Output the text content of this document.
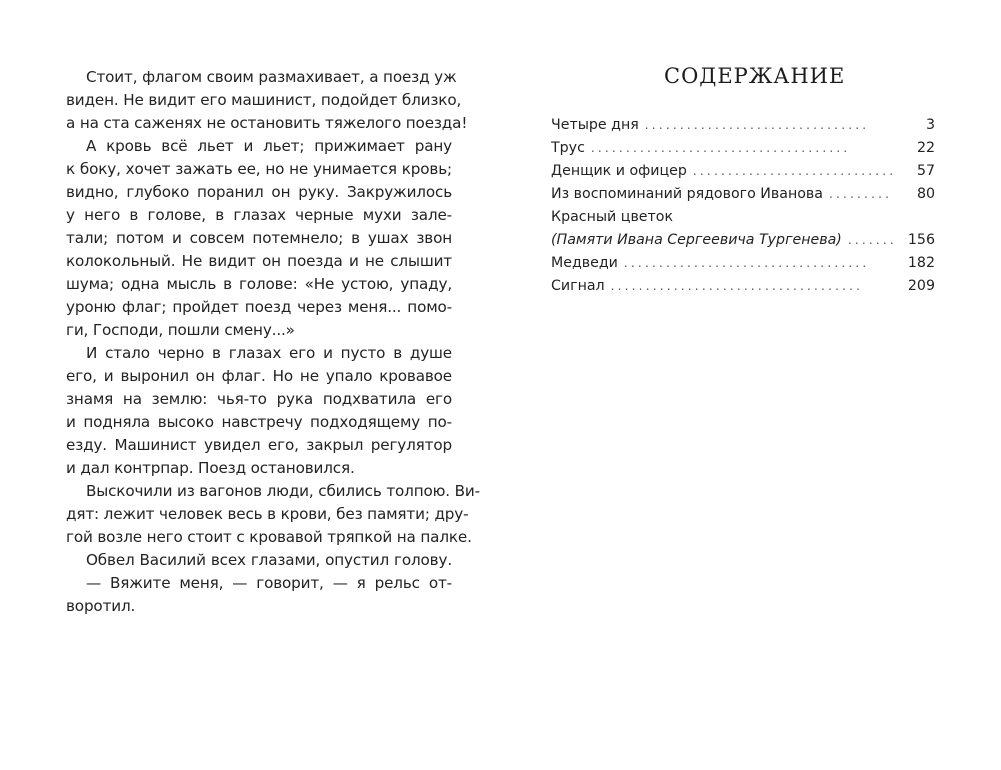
Стоит, флагом своим размахивает, а поезд уж
виден. Не видит его машинист, подойдет близко,
а на ста саженях не остановить тяжелого поезда!
А кровь всё льет и льет; прижимает рану
к боку, хочет зажать ее, но не унимается кровь;
видно, глубоко поранил он руку. Закружилось
у него в голове, в глазах черные мухи зале-
тали; потом и совсем потемнело; в ушах звон
колокольный. Не видит он поезда и не слышит
шума; одна мысль в голове: «Не устою, упаду,
уроню флаг; пройдет поезд через меня... помо-
ги, Господи, пошли смену...»
И стало черно в глазах его и пусто в душе
его, и выронил он флаг. Но не упало кровавое
знамя на землю: чья-то рука подхватила его
и подняла высоко навстречу подходящему по-
езду. Машинист увидел его, закрыл регулятор
и дал контрпар. Поезд остановился.
Выскочили из вагонов люди, сбились толпою. Ви-
дят: лежит человек весь в крови, без памяти; дру-
гой возле него стоит с кровавой тряпкой на палке.
Обвел Василий всех глазами, опустил голову.
— Вяжите меня, — говорит, — я рельс от-
воротил.
СОДЕРЖАНИЕ
Четыре дня ................................	3
Трус .....................................	22
Денщик и офицер .............................	57
Из воспоминаний рядового Иванова .........	80
Красный цветок
(Памяти Ивана Сергеевича Тургенева) ....... 156
Медведи ...................................	182
Сигнал ....................................	209
